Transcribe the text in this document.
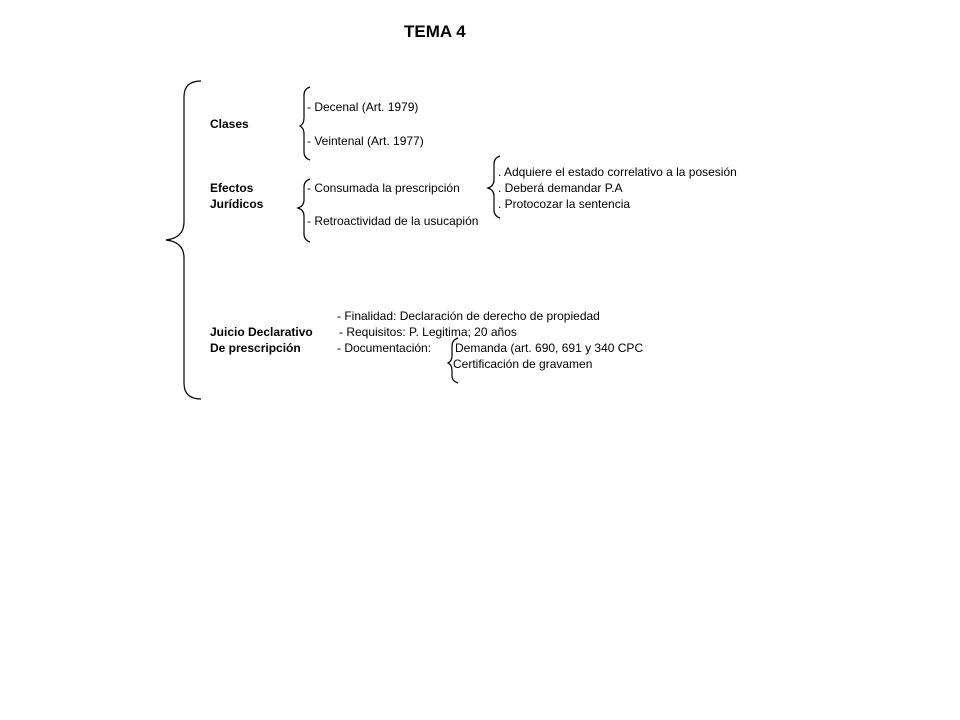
TEMA 4
Clases
- Decenal (Art. 1979)
- Veintenal (Art. 1977)
Efectos
Jurídicos
- Consumada la prescripción
- Retroactividad de la usucapión
. Adquiere el estado correlativo a la posesión
. Deberá demandar P.A
. Protocozar la sentencia
- Finalidad: Declaración de derecho de propiedad
Juicio Declarativo - Requisitos: P. Legitima; 20 años
De prescripción	- Documentación: Demanda (art. 690, 691 y 340 CPC
Certificación de gravamen
